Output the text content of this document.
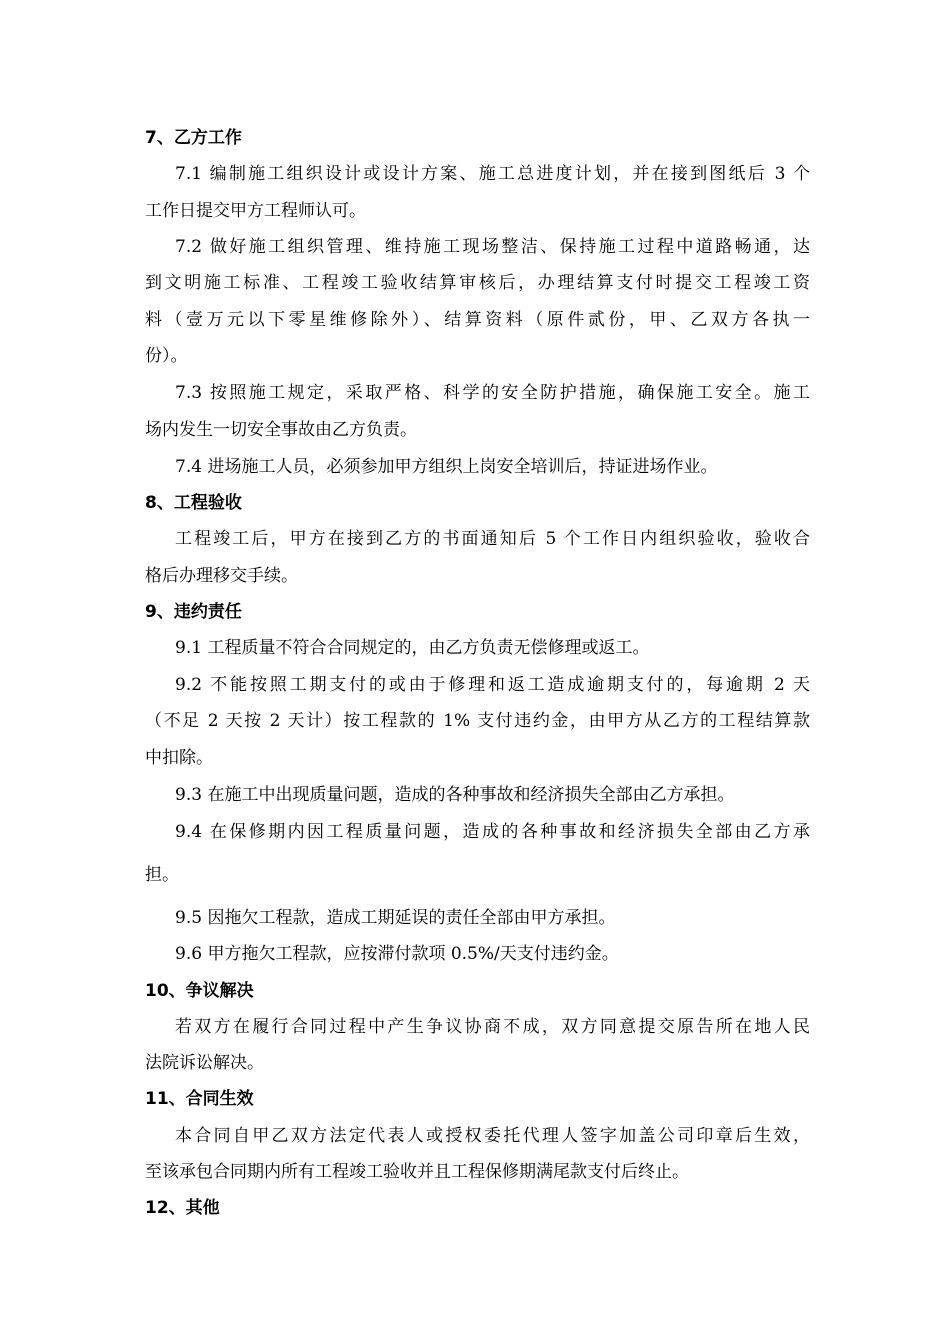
7、乙方工作
7.1 编制施工组织设计或设计方案、施工总进度计划，并在接到图纸后 3 个
工作日提交甲方工程师认可。
7.2 做好施工组织管理、维持施工现场整洁、保持施工过程中道路畅通，达
到文明施工标准、工程竣工验收结算审核后，办理结算支付时提交工程竣工资
料（壹万元以下零星维修除外）、结算资料（原件贰份，甲、乙双方各执一
份）。
7.3 按照施工规定，采取严格、科学的安全防护措施，确保施工安全。施工
场内发生一切安全事故由乙方负责。
7.4 进场施工人员，必须参加甲方组织上岗安全培训后，持证进场作业。
8、工程验收
工程竣工后，甲方在接到乙方的书面通知后 5 个工作日内组织验收，验收合
格后办理移交手续。
9、违约责任
9.1 工程质量不符合合同规定的，由乙方负责无偿修理或返工。
9.2 不能按照工期支付的或由于修理和返工造成逾期支付的，每逾期 2 天
（不足 2 天按 2 天计）按工程款的 1% 支付违约金，由甲方从乙方的工程结算款
中扣除。
9.3 在施工中出现质量问题，造成的各种事故和经济损失全部由乙方承担。
9.4 在保修期内因工程质量问题，造成的各种事故和经济损失全部由乙方承
担。
9.5 因拖欠工程款，造成工期延误的责任全部由甲方承担。
9.6 甲方拖欠工程款，应按滞付款项 0.5%/天支付违约金。
10、争议解决
若双方在履行合同过程中产生争议协商不成，双方同意提交原告所在地人民
法院诉讼解决。
11、合同生效
本合同自甲乙双方法定代表人或授权委托代理人签字加盖公司印章后生效，
至该承包合同期内所有工程竣工验收并且工程保修期满尾款支付后终止。
12、其他
